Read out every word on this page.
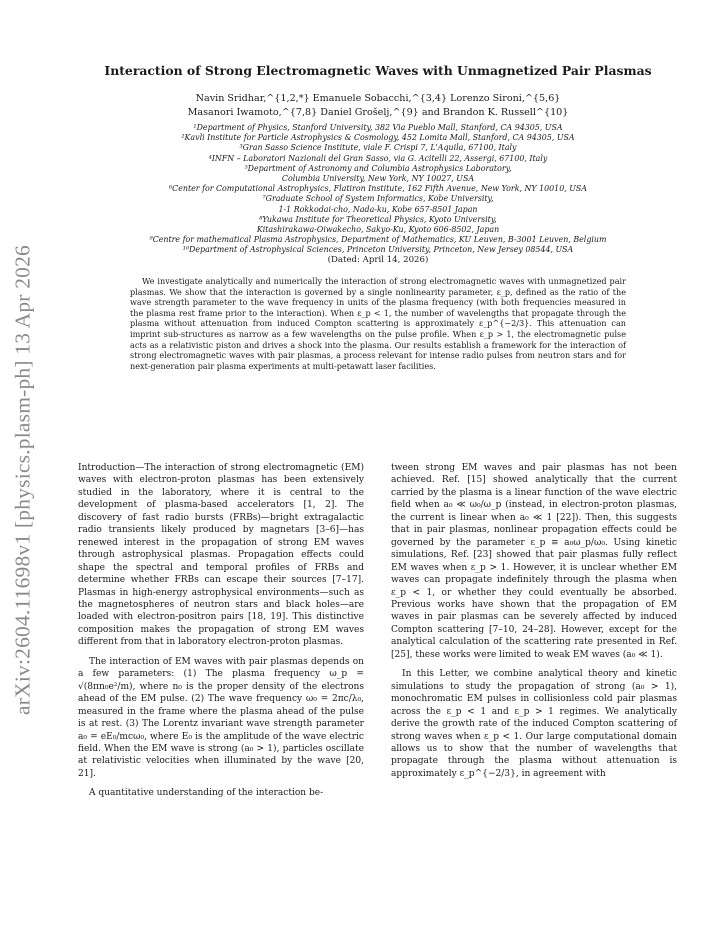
arXiv:2604.11698v1 [physics.plasm-ph] 13 Apr 2026
Interaction of Strong Electromagnetic Waves with Unmagnetized Pair Plasmas
Navin Sridhar,^{1,2,*} Emanuele Sobacchi,^{3,4} Lorenzo Sironi,^{5,6}
Masanori Iwamoto,^{7,8} Daniel Grošelj,^{9} and Brandon K. Russell^{10}
¹Department of Physics, Stanford University, 382 Via Pueblo Mall, Stanford, CA 94305, USA
²Kavli Institute for Particle Astrophysics & Cosmology, 452 Lomita Mall, Stanford, CA 94305, USA
³Gran Sasso Science Institute, viale F. Crispi 7, L'Aquila, 67100, Italy
⁴INFN – Laboratori Nazionali del Gran Sasso, via G. Acitelli 22, Assergi, 67100, Italy
⁵Department of Astronomy and Columbia Astrophysics Laboratory,
Columbia University, New York, NY 10027, USA
⁶Center for Computational Astrophysics, Flatiron Institute, 162 Fifth Avenue, New York, NY 10010, USA
⁷Graduate School of System Informatics, Kobe University,
1-1 Rokkodai-cho, Nada-ku, Kobe 657-8501 Japan
⁸Yukawa Institute for Theoretical Physics, Kyoto University,
Kitashirakawa-Oiwakecho, Sakyo-Ku, Kyoto 606-8502, Japan
⁹Centre for mathematical Plasma Astrophysics, Department of Mathematics, KU Leuven, B-3001 Leuven, Belgium
¹⁰Department of Astrophysical Sciences, Princeton University, Princeton, New Jersey 08544, USA
(Dated: April 14, 2026)
We investigate analytically and numerically the interaction of strong electromagnetic waves with unmagnetized pair plasmas. We show that the interaction is governed by a single nonlinearity parameter, ε_p, defined as the ratio of the wave strength parameter to the wave frequency in units of the plasma frequency (with both frequencies measured in the plasma rest frame prior to the interaction). When ε_p < 1, the number of wavelengths that propagate through the plasma without attenuation from induced Compton scattering is approximately ε_p^{−2/3}. This attenuation can imprint sub-structures as narrow as a few wavelengths on the pulse profile. When ε_p > 1, the electromagnetic pulse acts as a relativistic piston and drives a shock into the plasma. Our results establish a framework for the interaction of strong electromagnetic waves with pair plasmas, a process relevant for intense radio pulses from neutron stars and for next-generation pair plasma experiments at multi-petawatt laser facilities.

Introduction—The interaction of strong electromagnetic (EM) waves with electron-proton plasmas has been extensively studied in the laboratory, where it is central to the development of plasma-based accelerators [1, 2]. The discovery of fast radio bursts (FRBs)—bright extragalactic radio transients likely produced by magnetars [3–6]—has renewed interest in the propagation of strong EM waves through astrophysical plasmas. Propagation effects could shape the spectral and temporal profiles of FRBs and determine whether FRBs can escape their sources [7–17]. Plasmas in high-energy astrophysical environments—such as the magnetospheres of neutron stars and black holes—are loaded with electron-positron pairs [18, 19]. This distinctive composition makes the propagation of strong EM waves different from that in laboratory electron-proton plasmas.

The interaction of EM waves with pair plasmas depends on a few parameters: (1) The plasma frequency ω_p = √(8πn₀e²/m), where n₀ is the proper density of the electrons ahead of the EM pulse. (2) The wave frequency ω₀ = 2πc/λ₀, measured in the frame where the plasma ahead of the pulse is at rest. (3) The Lorentz invariant wave strength parameter a₀ = eE₀/mcω₀, where E₀ is the amplitude of the wave electric field. When the EM wave is strong (a₀ > 1), particles oscillate at relativistic velocities when illuminated by the wave [20, 21].

A quantitative understanding of the interaction be-

tween strong EM waves and pair plasmas has not been achieved. Ref. [15] showed analytically that the current carried by the plasma is a linear function of the wave electric field when a₀ ≪ ω₀/ω_p (instead, in electron-proton plasmas, the current is linear when a₀ ≪ 1 [22]). Then, this suggests that in pair plasmas, nonlinear propagation effects could be governed by the parameter ε_p ≡ a₀ω_p/ω₀. Using kinetic simulations, Ref. [23] showed that pair plasmas fully reflect EM waves when ε_p > 1. However, it is unclear whether EM waves can propagate indefinitely through the plasma when ε_p < 1, or whether they could eventually be absorbed. Previous works have shown that the propagation of EM waves in pair plasmas can be severely affected by induced Compton scattering [7–10, 24–28]. However, except for the analytical calculation of the scattering rate presented in Ref. [25], these works were limited to weak EM waves (a₀ ≪ 1).

In this Letter, we combine analytical theory and kinetic simulations to study the propagation of strong (a₀ > 1), monochromatic EM pulses in collisionless cold pair plasmas across the ε_p < 1 and ε_p > 1 regimes. We analytically derive the growth rate of the induced Compton scattering of strong waves when ε_p < 1. Our large computational domain allows us to show that the number of wavelengths that propagate through the plasma without attenuation is approximately ε_p^{−2/3}, in agreement with
